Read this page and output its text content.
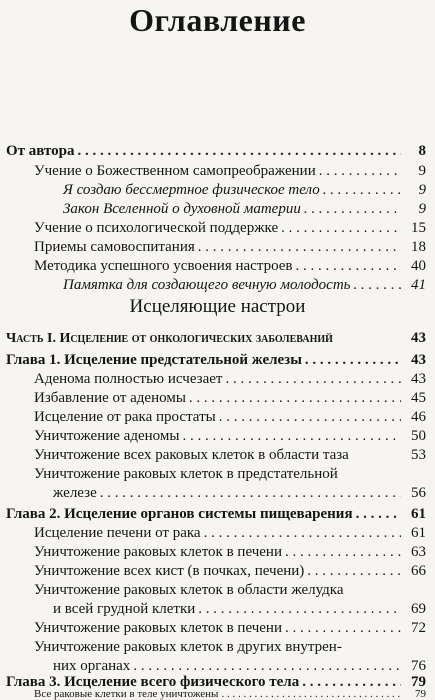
Оглавление
От автора . . .	8
Учение о Божественном самопреображении . . .	9
Я создаю бессмертное физическое тело . . .	9
Закон Вселенной о духовной материи . . .	9
Учение о психологической поддержке . . .	15
Приемы самовоспитания . . .	18
Методика успешного усвоения настроев . . .	40
Памятка для создающего вечную молодость . . .	41
Исцеляющие настрои
Часть I. Исцеление от онкологических заболеваний	43
Глава 1. Исцеление предстательной железы . . .	43
Аденома полностью исчезает . . .	43
Избавление от аденомы . . .	45
Исцеление от рака простаты . . .	46
Уничтожение аденомы . . .	50
Уничтожение всех раковых клеток в области таза	53
Уничтожение раковых клеток в предстательной
железе . . .	56
Глава 2. Исцеление органов системы пищеварения . . .	61
Исцеление печени от рака . . .	61
Уничтожение раковых клеток в печени . . .	63
Уничтожение всех кист (в почках, печени) . . .	66
Уничтожение раковых клеток в области желудка
и всей грудной клетки . . .	69
Уничтожение раковых клеток в печени . . .	72
Уничтожение раковых клеток в других внутрен-
них органах . . .	76
Глава 3. Исцеление всего физического тела . . .	79
Все раковые клетки в теле уничтожены . . .	79
